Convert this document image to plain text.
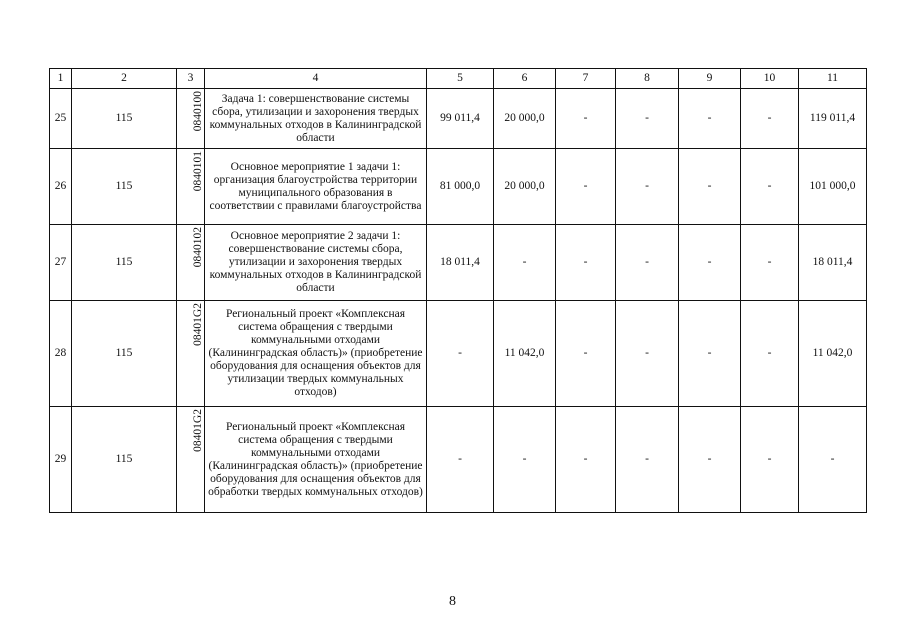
1	2	3	4	5	6	7	8	9	10	11
25	115	0840100	Задача 1: совершенствование системы сбора, утилизации и захоронения твердых коммунальных отходов в Калининградской области	99 011,4	20 000,0	-	-	-	-	119 011,4
26	115	0840101	Основное мероприятие 1 задачи 1: организация благоустройства территории муниципального образования в соответствии с правилами благоустройства	81 000,0	20 000,0	-	-	-	-	101 000,0
27	115	0840102	Основное мероприятие 2 задачи 1: совершенствование системы сбора, утилизации и захоронения твердых коммунальных отходов в Калининградской области	18 011,4	-	-	-	-	-	18 011,4
28	115	08401G2	Региональный проект «Комплексная система обращения с твердыми коммунальными отходами (Калининградская область)» (приобретение оборудования для оснащения объектов для утилизации твердых коммунальных отходов)	-	11 042,0	-	-	-	-	11 042,0
29	115	08401G2	Региональный проект «Комплексная система обращения с твердыми коммунальными отходами (Калининградская область)» (приобретение оборудования для оснащения объектов для обработки твердых коммунальных отходов)	-	-	-	-	-	-	-
8
